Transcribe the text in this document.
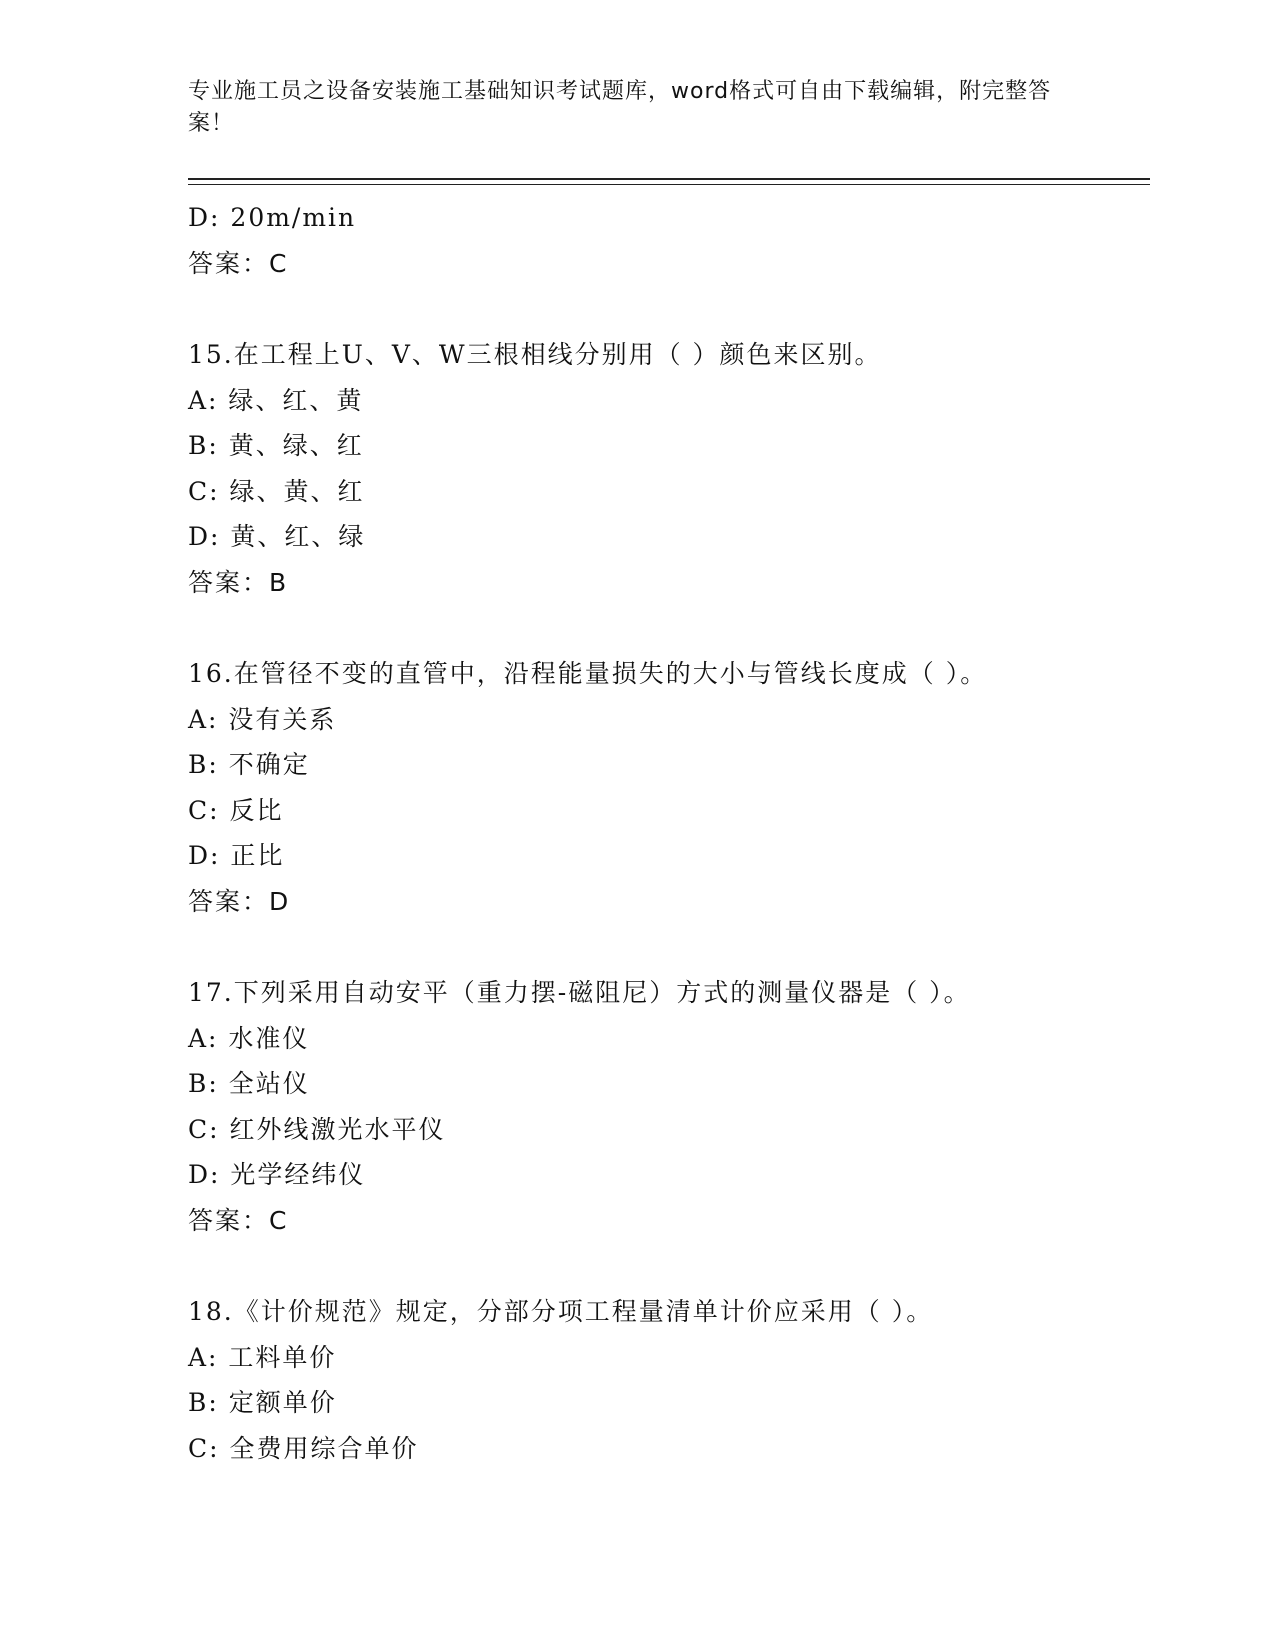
专业施工员之设备安装施工基础知识考试题库，word格式可自由下载编辑，附完整答案！
D: 20m/min
答案：C
15.在工程上U、V、W三根相线分别用（ ）颜色来区别。
A: 绿、红、黄
B: 黄、绿、红
C: 绿、黄、红
D: 黄、红、绿
答案：B
16.在管径不变的直管中，沿程能量损失的大小与管线长度成（ ）。
A: 没有关系
B: 不确定
C: 反比
D: 正比
答案：D
17.下列采用自动安平（重力摆-磁阻尼）方式的测量仪器是（ ）。
A: 水准仪
B: 全站仪
C: 红外线激光水平仪
D: 光学经纬仪
答案：C
18.《计价规范》规定，分部分项工程量清单计价应采用（ ）。
A: 工料单价
B: 定额单价
C: 全费用综合单价
